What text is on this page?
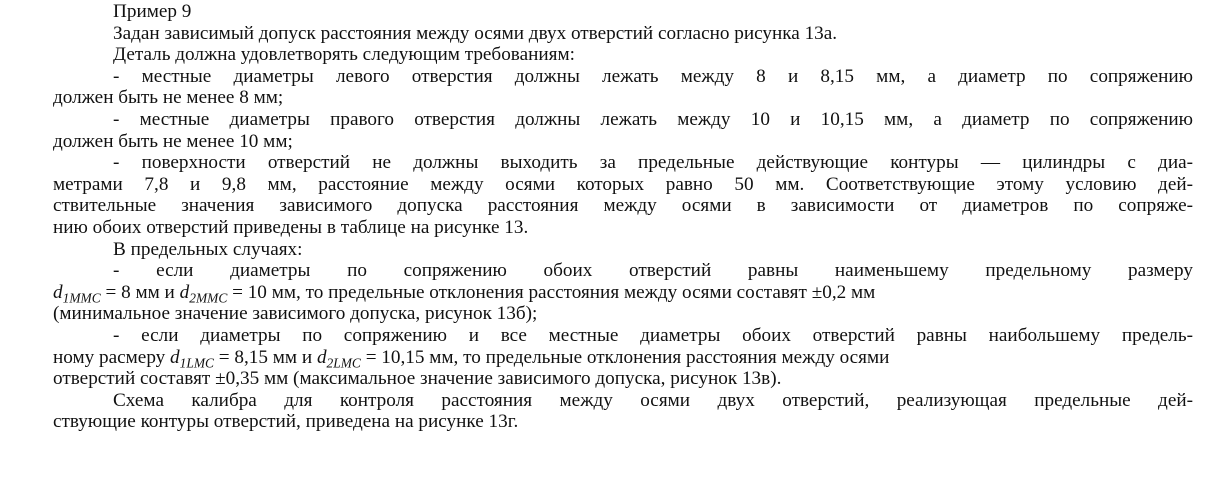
Пример 9
Задан зависимый допуск расстояния между осями двух отверстий согласно рисунка 13а.
Деталь должна удовлетворять следующим требованиям:
- местные диаметры левого отверстия должны лежать между 8 и 8,15 мм, а диаметр по сопряжению
должен быть не менее 8 мм;
- местные диаметры правого отверстия должны лежать между 10 и 10,15 мм, а диаметр по сопряжению
должен быть не менее 10 мм;
- поверхности отверстий не должны выходить за предельные действующие контуры — цилиндры с диа-
метрами 7,8 и 9,8 мм, расстояние между осями которых равно 50 мм. Соответствующие этому условию дей-
ствительные значения зависимого допуска расстояния между осями в зависимости от диаметров по сопряже-
нию обоих отверстий приведены в таблице на рисунке 13.
В предельных случаях:
- если диаметры по сопряжению обоих отверстий равны наименьшему предельному размеру
$d_{1MMC} = 8$ мм и $d_{2MMC} = 10$ мм, то предельные отклонения расстояния между осями составят ±0,2 мм
(минимальное значение зависимого допуска, рисунок 13б);
- если диаметры по сопряжению и все местные диаметры обоих отверстий равны наибольшему предель-
ному расмеру $d_{1LMC} = 8,15$ мм и $d_{2LMC} = 10,15$ мм, то предельные отклонения расстояния между осями
отверстий составят ±0,35 мм (максимальное значение зависимого допуска, рисунок 13в).
Схема калибра для контроля расстояния между осями двух отверстий, реализующая предельные дей-
ствующие контуры отверстий, приведена на рисунке 13г.
